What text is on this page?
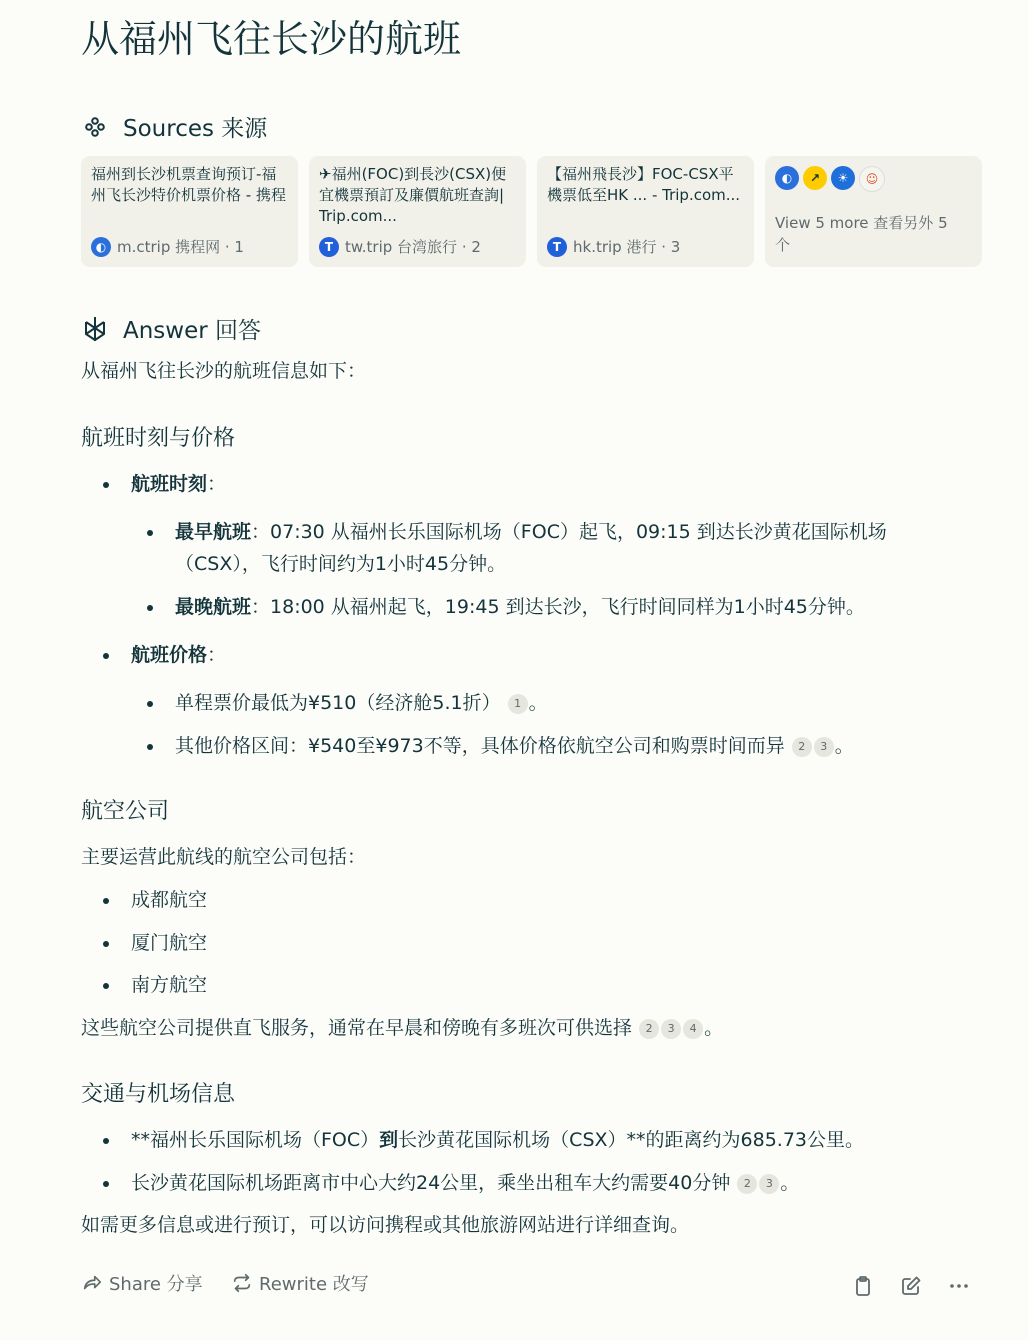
从福州飞往长沙的航班
Sources 来源
福州到长沙机票查询预订-福州飞长沙特价机票价格 - 携程
◐ m.ctrip 携程网 · 1
✈福州(FOC)到長沙(CSX)便宜機票預訂及廉價航班查詢| Trip.com...
T tw.trip 台湾旅行 · 2
【福州飛長沙】FOC-CSX平機票低至HK ... - Trip.com...
T hk.trip 港行 · 3
◐	↗	☀	☺
View 5 more 查看另外 5 个
Answer 回答
从福州飞往长沙的航班信息如下：
航班时刻与价格
航班时刻：
最早航班：07:30 从福州长乐国际机场（FOC）起飞，09:15 到达长沙黄花国际机场
（CSX），飞行时间约为1小时45分钟。
最晚航班：18:00 从福州起飞，19:45 到达长沙，飞行时间同样为1小时45分钟。
航班价格：
单程票价最低为¥510（经济舱5.1折） 1 。
其他价格区间：¥540至¥973不等，具体价格依航空公司和购票时间而异 2 3 。
航空公司
主要运营此航线的航空公司包括：
成都航空
厦门航空
南方航空
这些航空公司提供直飞服务，通常在早晨和傍晚有多班次可供选择 2 3 4 。
交通与机场信息
**福州长乐国际机场（FOC）到长沙黄花国际机场（CSX）**的距离约为685.73公里。
长沙黄花国际机场距离市中心大约24公里，乘坐出租车大约需要40分钟 2 3 。
如需更多信息或进行预订，可以访问携程或其他旅游网站进行详细查询。
Share 分享	Rewrite 改写
